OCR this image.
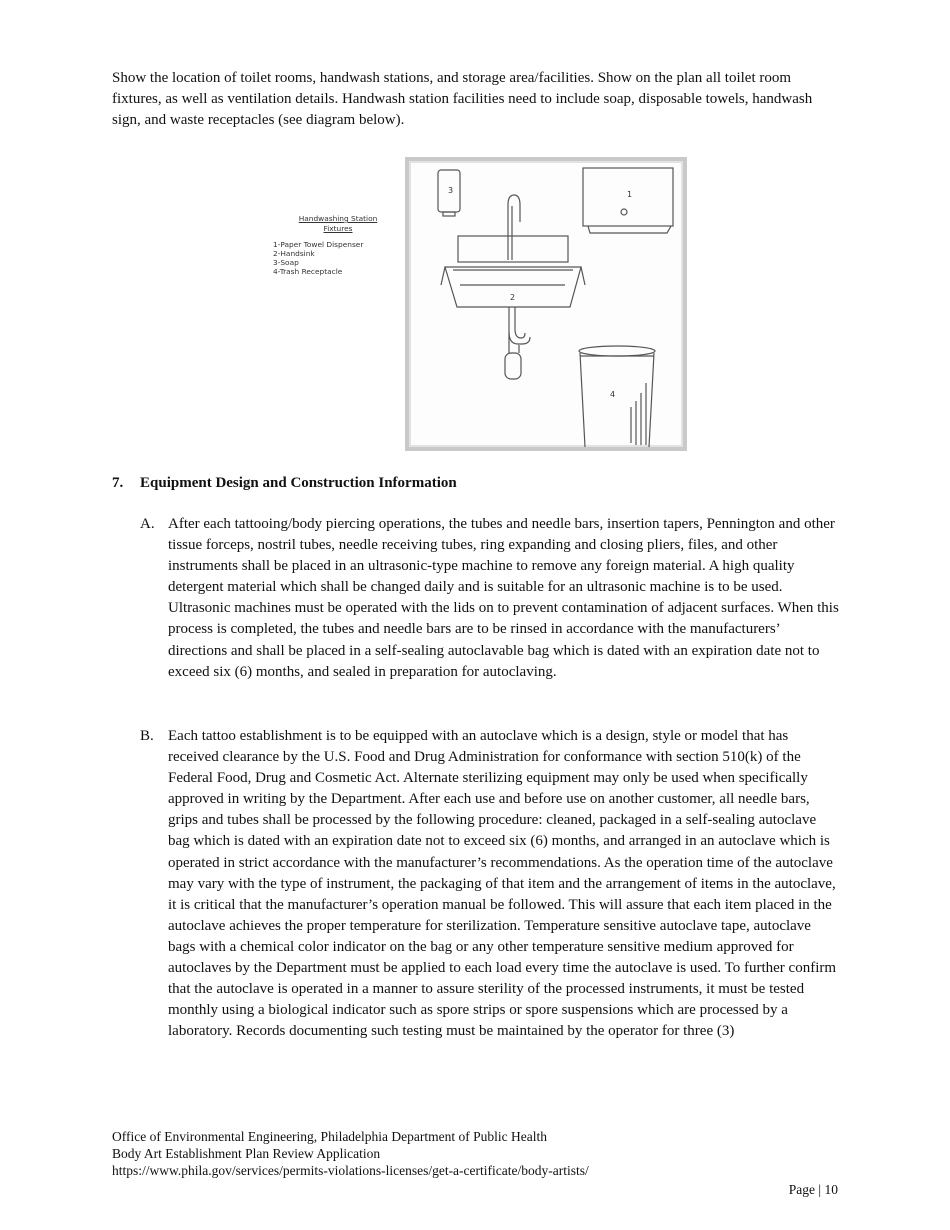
Show the location of toilet rooms, handwash stations, and storage area/facilities. Show on the plan all toilet room fixtures, as well as ventilation details. Handwash station facilities need to include soap, disposable towels, handwash sign, and waste receptacles (see diagram below).

Handwashing Station
Fixtures
1-Paper Towel Dispenser
2-Handsink
3-Soap
4-Trash Receptacle
3	1
2
4
7. Equipment Design and Construction Information
A. After each tattooing/body piercing operations, the tubes and needle bars, insertion tapers, Pennington and other tissue forceps, nostril tubes, needle receiving tubes, ring expanding and closing pliers, files, and other instruments shall be placed in an ultrasonic-type machine to remove any foreign material. A high quality detergent material which shall be changed daily and is suitable for an ultrasonic machine is to be used. Ultrasonic machines must be operated with the lids on to prevent contamination of adjacent surfaces. When this process is completed, the tubes and needle bars are to be rinsed in accordance with the manufacturers’ directions and shall be placed in a self-sealing autoclavable bag which is dated with an expiration date not to exceed six (6) months, and sealed in preparation for autoclaving.
B. Each tattoo establishment is to be equipped with an autoclave which is a design, style or model that has received clearance by the U.S. Food and Drug Administration for conformance with section 510(k) of the Federal Food, Drug and Cosmetic Act. Alternate sterilizing equipment may only be used when specifically approved in writing by the Department. After each use and before use on another customer, all needle bars, grips and tubes shall be processed by the following procedure: cleaned, packaged in a self-sealing autoclave bag which is dated with an expiration date not to exceed six (6) months, and arranged in an autoclave which is operated in strict accordance with the manufacturer’s recommendations. As the operation time of the autoclave may vary with the type of instrument, the packaging of that item and the arrangement of items in the autoclave, it is critical that the manufacturer’s operation manual be followed. This will assure that each item placed in the autoclave achieves the proper temperature for sterilization. Temperature sensitive autoclave tape, autoclave bags with a chemical color indicator on the bag or any other temperature sensitive medium approved for autoclaves by the Department must be applied to each load every time the autoclave is used. To further confirm that the autoclave is operated in a manner to assure sterility of the processed instruments, it must be tested monthly using a biological indicator such as spore strips or spore suspensions which are processed by a laboratory. Records documenting such testing must be maintained by the operator for three (3)
Office of Environmental Engineering, Philadelphia Department of Public Health
Body Art Establishment Plan Review Application
https://www.phila.gov/services/permits-violations-licenses/get-a-certificate/body-artists/
Page | 10
